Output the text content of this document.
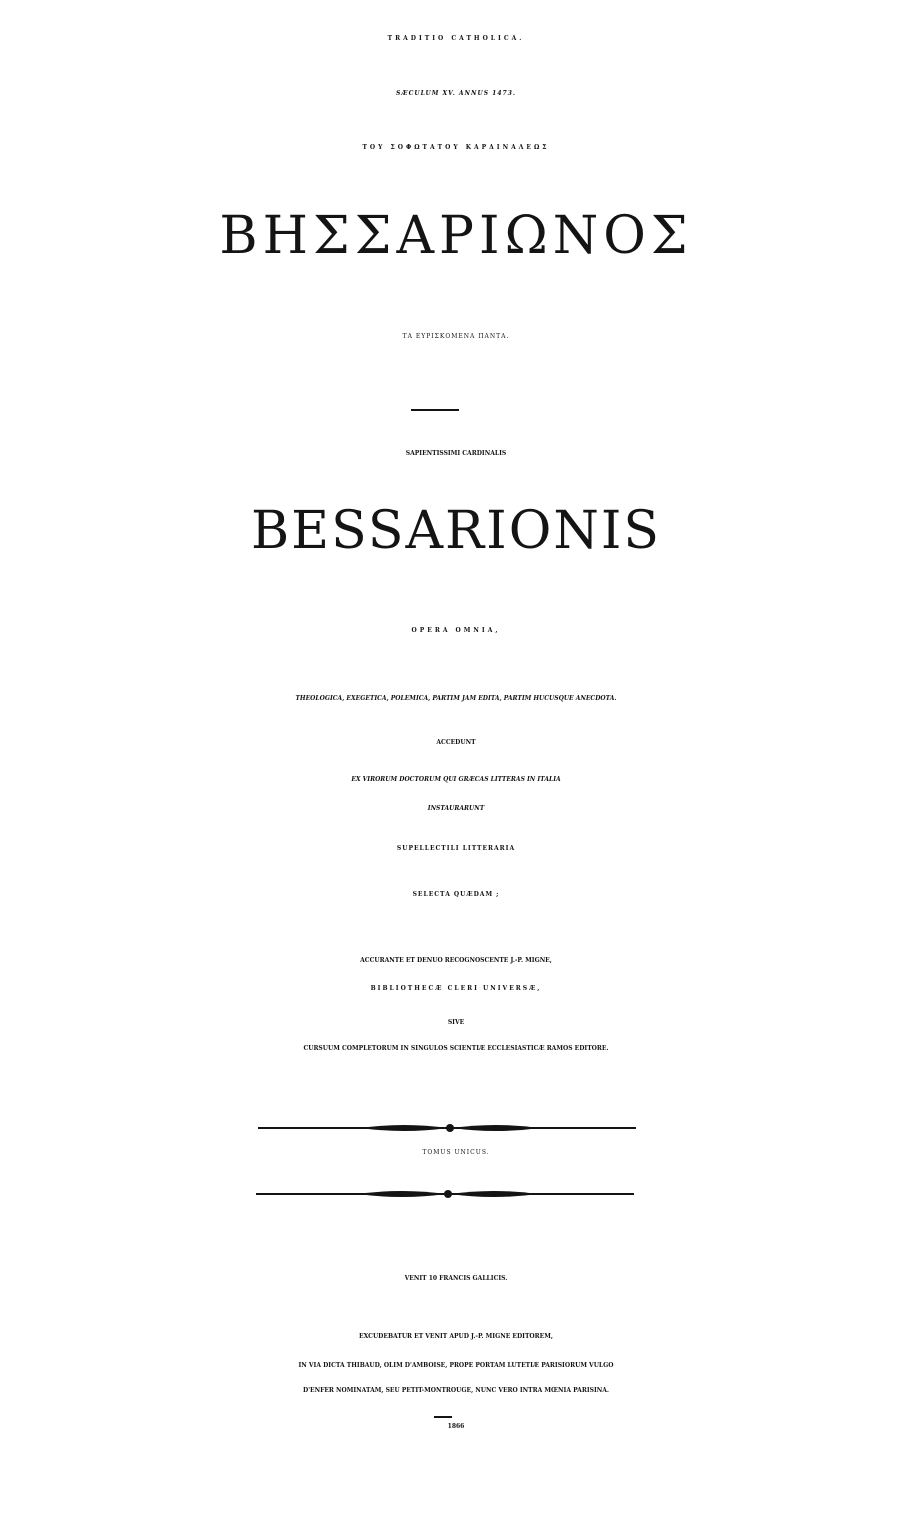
TRADITIO CATHOLICA.
SÆCULUM XV. ANNUS 1473.
ΤΟΥ ΣΟΦΩΤΑΤΟΥ ΚΑΡΔΙΝΑΛΕΩΣ
ΒΗΣΣΑΡΙΩΝΟΣ
ΤΑ ΕΥΡΙΣΚΟΜΕΝΑ ΠΑΝΤΑ.
SAPIENTISSIMI CARDINALIS
BESSARIONIS
OPERA OMNIA,
THEOLOGICA, EXEGETICA, POLEMICA, PARTIM JAM EDITA, PARTIM HUCUSQUE ANECDOTA.
ACCEDUNT
EX VIRORUM DOCTORUM QUI GRÆCAS LITTERAS IN ITALIA
INSTAURARUNT
SUPELLECTILI LITTERARIA
SELECTA QUÆDAM ;
ACCURANTE ET DENUO RECOGNOSCENTE J.-P. MIGNE,
BIBLIOTHECÆ CLERI UNIVERSÆ,
SIVE
CURSUUM COMPLETORUM IN SINGULOS SCIENTIÆ ECCLESIASTICÆ RAMOS EDITORE.
TOMUS UNICUS.
VENIT 10 FRANCIS GALLICIS.
EXCUDEBATUR ET VENIT APUD J.-P. MIGNE EDITOREM,
IN VIA DICTA THIBAUD, OLIM D'AMBOISE, PROPE PORTAM LUTETIÆ PARISIORUM VULGO
D'ENFER NOMINATAM, SEU PETIT-MONTROUGE, NUNC VERO INTRA MŒNIA PARISINA.
1866
